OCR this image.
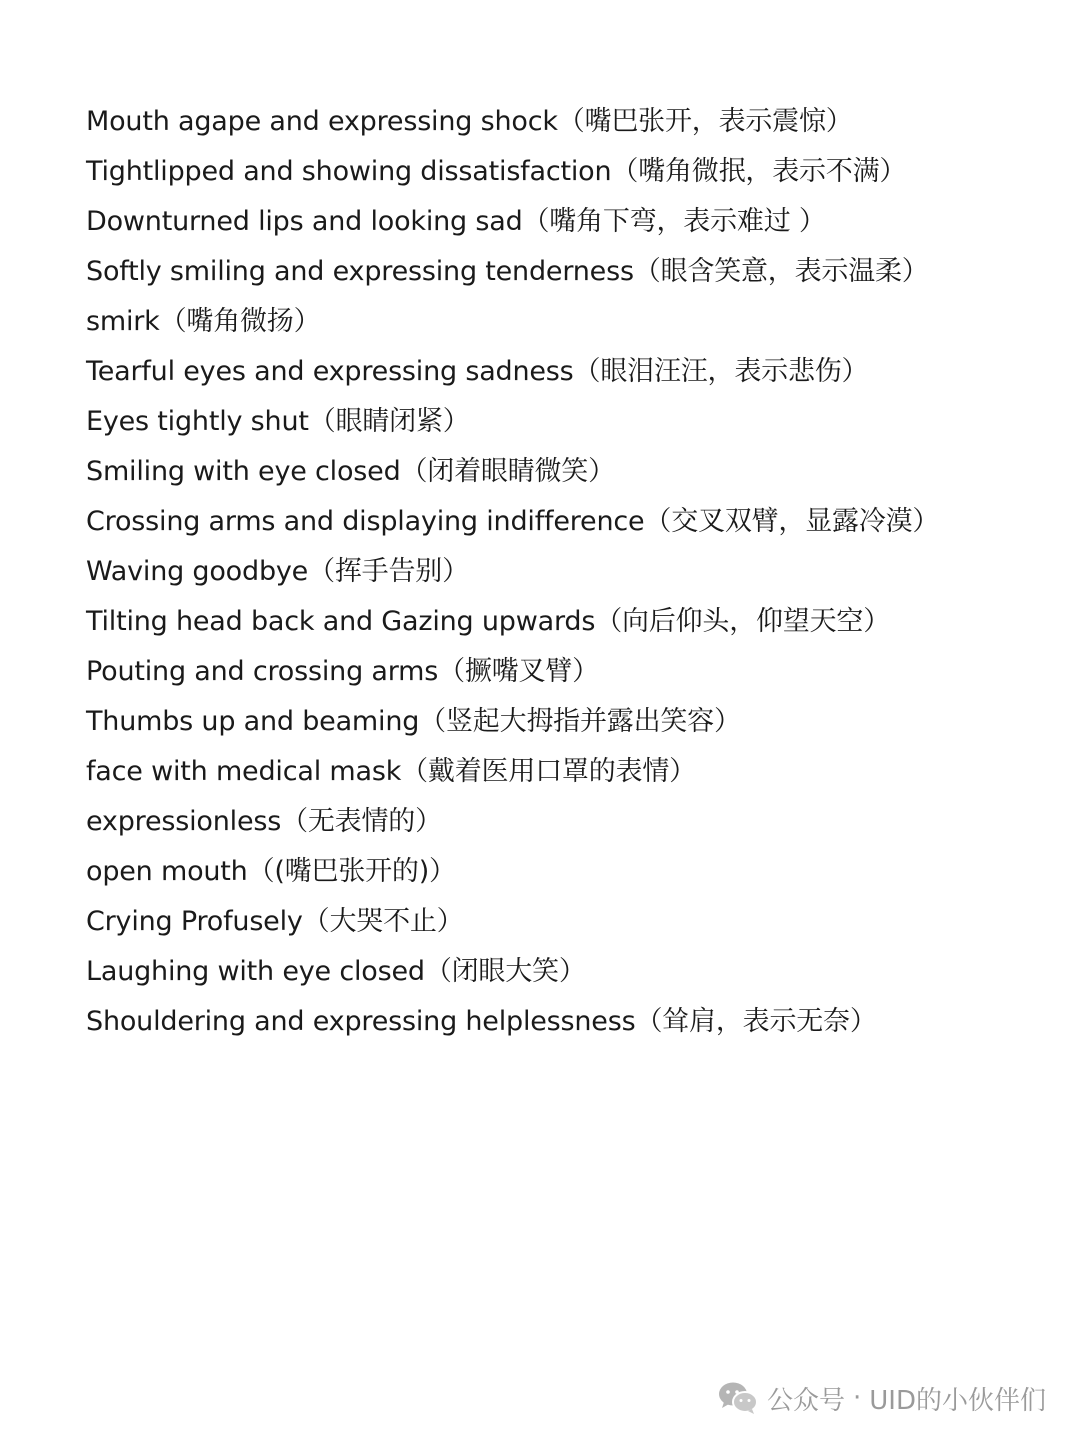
Mouth agape and expressing shock（嘴巴张开，表示震惊）
Tightlipped and showing dissatisfaction（嘴角微抿，表示不满）
Downturned lips and looking sad（嘴角下弯，表示难过 ）
Softly smiling and expressing tenderness（眼含笑意，表示温柔）
smirk（嘴角微扬）
Tearful eyes and expressing sadness（眼泪汪汪，表示悲伤）
Eyes tightly shut（眼睛闭紧）
Smiling with eye closed（闭着眼睛微笑）
Crossing arms and displaying indifference（交叉双臂，显露冷漠）
Waving goodbye（挥手告别）
Tilting head back and Gazing upwards（向后仰头，仰望天空）
Pouting and crossing arms（撅嘴叉臂）
Thumbs up and beaming（竖起大拇指并露出笑容）
face with medical mask（戴着医用口罩的表情）
expressionless（无表情的）
open mouth（(嘴巴张开的)）
Crying Profusely（大哭不止）
Laughing with eye closed（闭眼大笑）
Shouldering and expressing helplessness（耸肩，表示无奈）
公众号 · UID的小伙伴们
